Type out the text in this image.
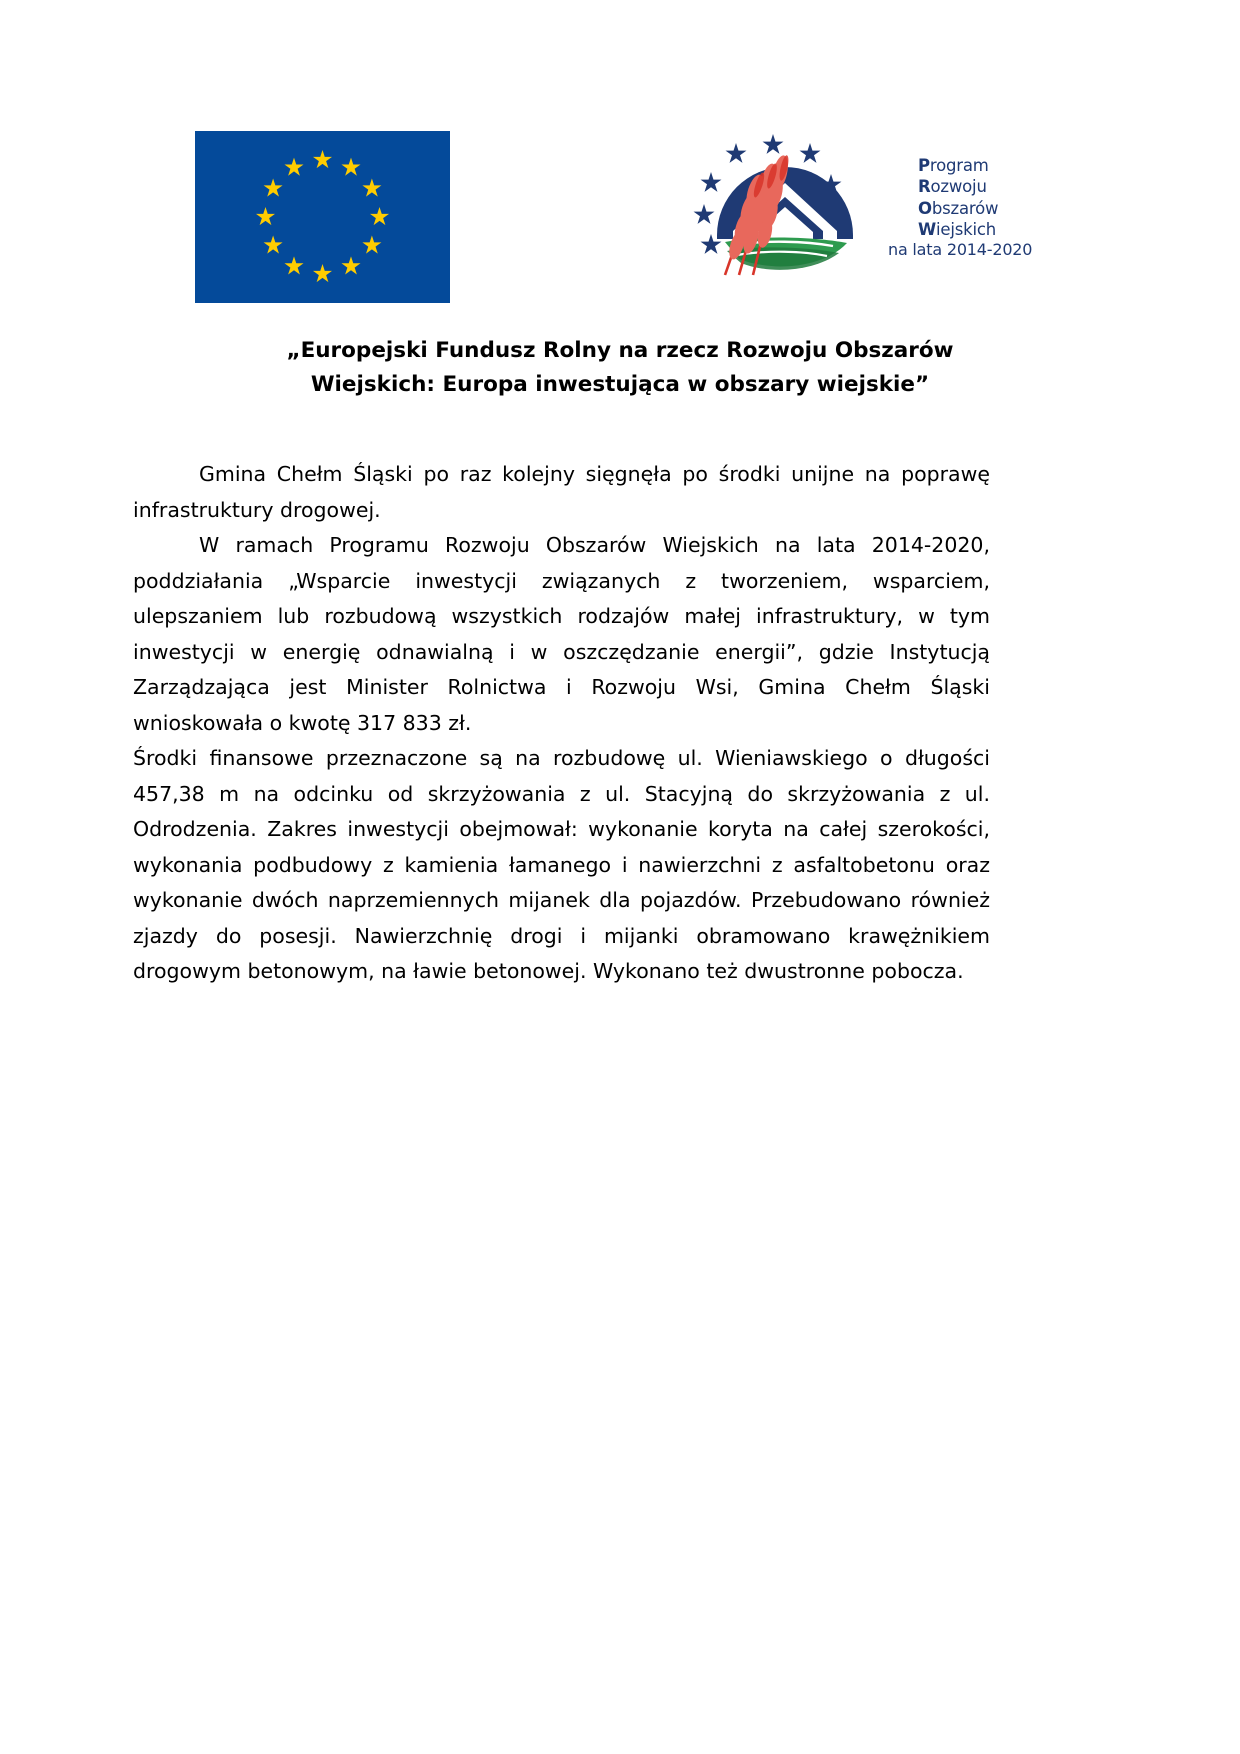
Program
Rozwoju
Obszarów
Wiejskich
na lata 2014-2020
„Europejski Fundusz Rolny na rzecz Rozwoju Obszarów
Wiejskich: Europa inwestująca w obszary wiejskie”

Gmina Chełm Śląski po raz kolejny sięgnęła po środki unijne na poprawę infrastruktury drogowej.

W ramach Programu Rozwoju Obszarów Wiejskich na lata 2014-2020, poddziałania „Wsparcie inwestycji związanych z tworzeniem, wsparciem, ulepszaniem lub rozbudową wszystkich rodzajów małej infrastruktury, w tym inwestycji w energię odnawialną i w oszczędzanie energii”, gdzie Instytucją Zarządzająca jest Minister Rolnictwa i Rozwoju Wsi, Gmina Chełm Śląski wnioskowała o kwotę 317 833 zł.

Środki finansowe przeznaczone są na rozbudowę ul. Wieniawskiego o długości 457,38 m na odcinku od skrzyżowania z ul. Stacyjną do skrzyżowania z ul. Odrodzenia. Zakres inwestycji obejmował: wykonanie koryta na całej szerokości, wykonania podbudowy z kamienia łamanego i nawierzchni z asfaltobetonu oraz wykonanie dwóch naprzemiennych mijanek dla pojazdów. Przebudowano również zjazdy do posesji. Nawierzchnię drogi i mijanki obramowano krawężnikiem drogowym betonowym, na ławie betonowej. Wykonano też dwustronne pobocza.
